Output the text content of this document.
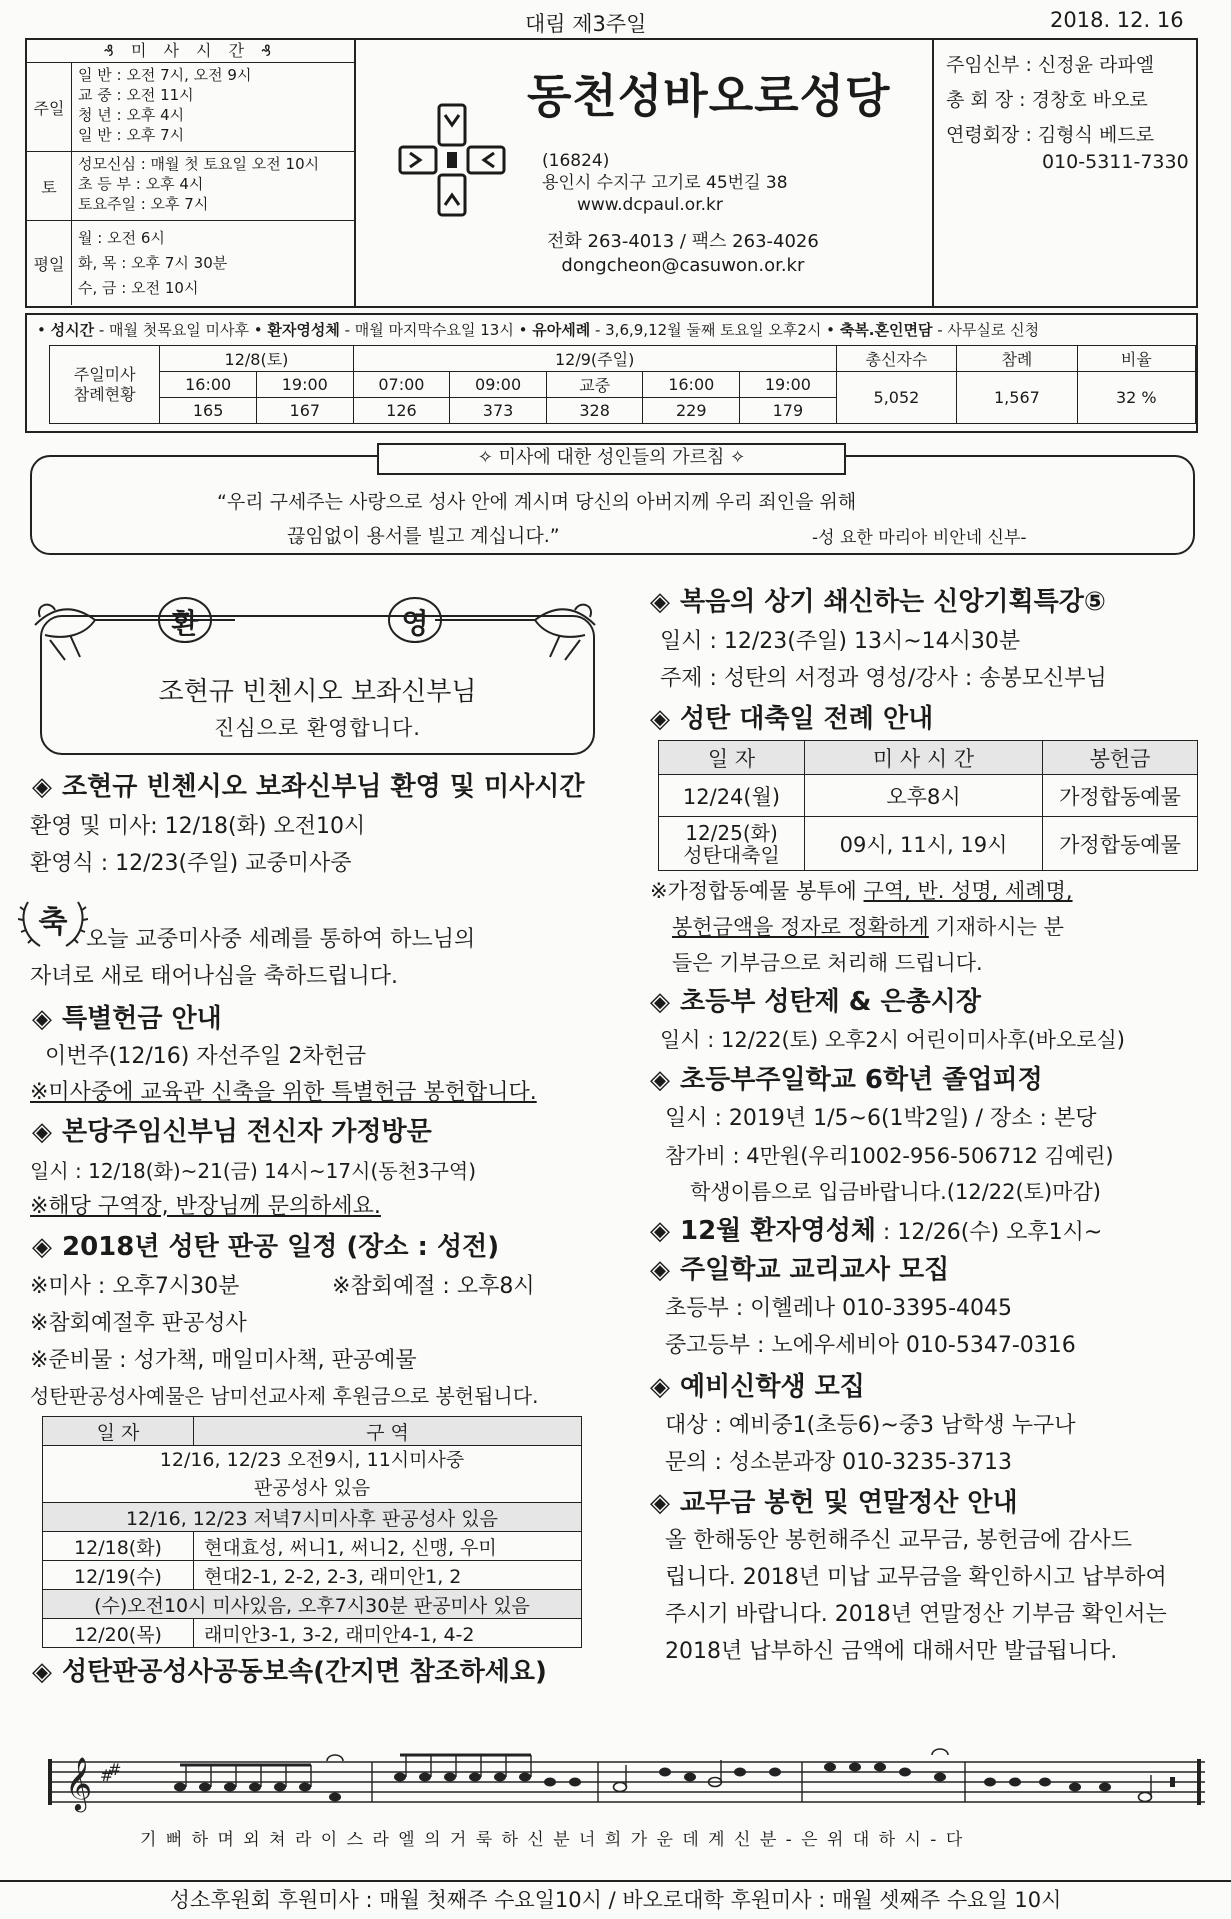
대림 제3주일	2018. 12. 16
₰ 미 사 시 간 ₰
주일
일 반 : 오전 7시, 오전 9시
교 중 : 오전 11시
청 년 : 오후 4시
일 반 : 오후 7시
토
성모신심 : 매월 첫 토요일 오전 10시
초 등 부 : 오후 4시
토요주일 : 오후 7시
평일
월 : 오전 6시
화, 목 : 오후 7시 30분
수, 금 : 오전 10시
동천성바오로성당
(16824)
용인시 수지구 고기로 45번길 38
www.dcpaul.or.kr
전화 263-4013 / 팩스 263-4026
dongcheon@casuwon.or.kr
주임신부 : 신정윤 라파엘
총 회 장 : 경창호 바오로
연령회장 : 김형식 베드로
010-5311-7330
• 성시간 - 매월 첫목요일 미사후 • 환자영성체 - 매월 마지막수요일 13시 • 유아세례 - 3,6,9,12월 둘째 토요일 오후2시 • 축복.혼인면담 - 사무실로 신청
주일미사
참례현황	12/8(토)		12/9(주일)					총신자수	참례	비율
	16:00	19:00	07:00	09:00	교중	16:00	19:00	5,052	1,567	32 %
	165	167	126	373	328	229	179			
✧ 미사에 대한 성인들의 가르침 ✧
“우리 구세주는 사랑으로 성사 안에 계시며 당신의 아버지께 우리 죄인을 위해
끊임없이 용서를 빌고 계십니다.”	-성 요한 마리아 비안네 신부-
환	영
조현규 빈첸시오 보좌신부님
진심으로 환영합니다.
◈ 조현규 빈첸시오 보좌신부님 환영 및 미사시간
환영 및 미사: 12/18(화) 오전10시
환영식 : 12/23(주일) 교중미사중
축 오늘 교중미사중 세례를 통하여 하느님의
자녀로 새로 태어나심을 축하드립니다.
◈ 특별헌금 안내
이번주(12/16) 자선주일 2차헌금
※미사중에 교육관 신축을 위한 특별헌금 봉헌합니다.
◈ 본당주임신부님 전신자 가정방문
일시 : 12/18(화)~21(금) 14시~17시(동천3구역)
※해당 구역장, 반장님께 문의하세요.
◈ 2018년 성탄 판공 일정 (장소 : 성전)
※미사 : 오후7시30분	※참회예절 : 오후8시
※참회예절후 판공성사
※준비물 : 성가책, 매일미사책, 판공예물
성탄판공성사예물은 남미선교사제 후원금으로 봉헌됩니다.
일 자	구 역

12/16, 12/23 오전9시, 11시미사중
판공성사 있음	

12/16, 12/23 저녁7시미사후 판공성사 있음	
12/18(화)	현대효성, 써니1, 써니2, 신맹, 우미
12/19(수)	현대2-1, 2-2, 2-3, 래미안1, 2
(수)오전10시 미사있음, 오후7시30분 판공미사 있음	
12/20(목)	래미안3-1, 3-2, 래미안4-1, 4-2
◈ 성탄판공성사공동보속(간지면 참조하세요)
◈ 복음의 상기 쇄신하는 신앙기획특강⑤
일시 : 12/23(주일) 13시~14시30분
주제 : 성탄의 서정과 영성/강사 : 송봉모신부님
◈ 성탄 대축일 전례 안내
일 자	미 사 시 간	봉헌금
12/24(월)	오후8시	가정합동예물

12/25(화)
성탄대축일	09시, 11시, 19시	가정합동예물
※가정합동예물 봉투에 구역, 반. 성명, 세례명,
봉헌금액을 정자로 정확하게 기재하시는 분
들은 기부금으로 처리해 드립니다.
◈ 초등부 성탄제 & 은총시장
일시 : 12/22(토) 오후2시 어린이미사후(바오로실)
◈ 초등부주일학교 6학년 졸업피정
일시 : 2019년 1/5~6(1박2일) / 장소 : 본당
참가비 : 4만원(우리1002-956-506712 김예린)
학생이름으로 입금바랍니다.(12/22(토)마감)
◈ 12월 환자영성체 : 12/26(수) 오후1시~
◈ 주일학교 교리교사 모집
초등부 : 이헬레나 010-3395-4045
중고등부 : 노에우세비아 010-5347-0316
◈ 예비신학생 모집
대상 : 예비중1(초등6)~중3 남학생 누구나
문의 : 성소분과장 010-3235-3713
◈ 교무금 봉헌 및 연말정산 안내
올 한해동안 봉헌해주신 교무금, 봉헌금에 감사드
립니다. 2018년 미납 교무금을 확인하시고 납부하여
주시기 바랍니다. 2018년 연말정산 기부금 확인서는
2018년 납부하신 금액에 대해서만 발급됩니다.
𝄞 #
#
기 뻐 하 며 외 쳐 라 이 스 라 엘 의 거 룩 하 신 분 너 희 가 운 데 계 신 분 - 은 위 대 하 시 - 다
성소후원회 후원미사 : 매월 첫째주 수요일10시 / 바오로대학 후원미사 : 매월 셋째주 수요일 10시
